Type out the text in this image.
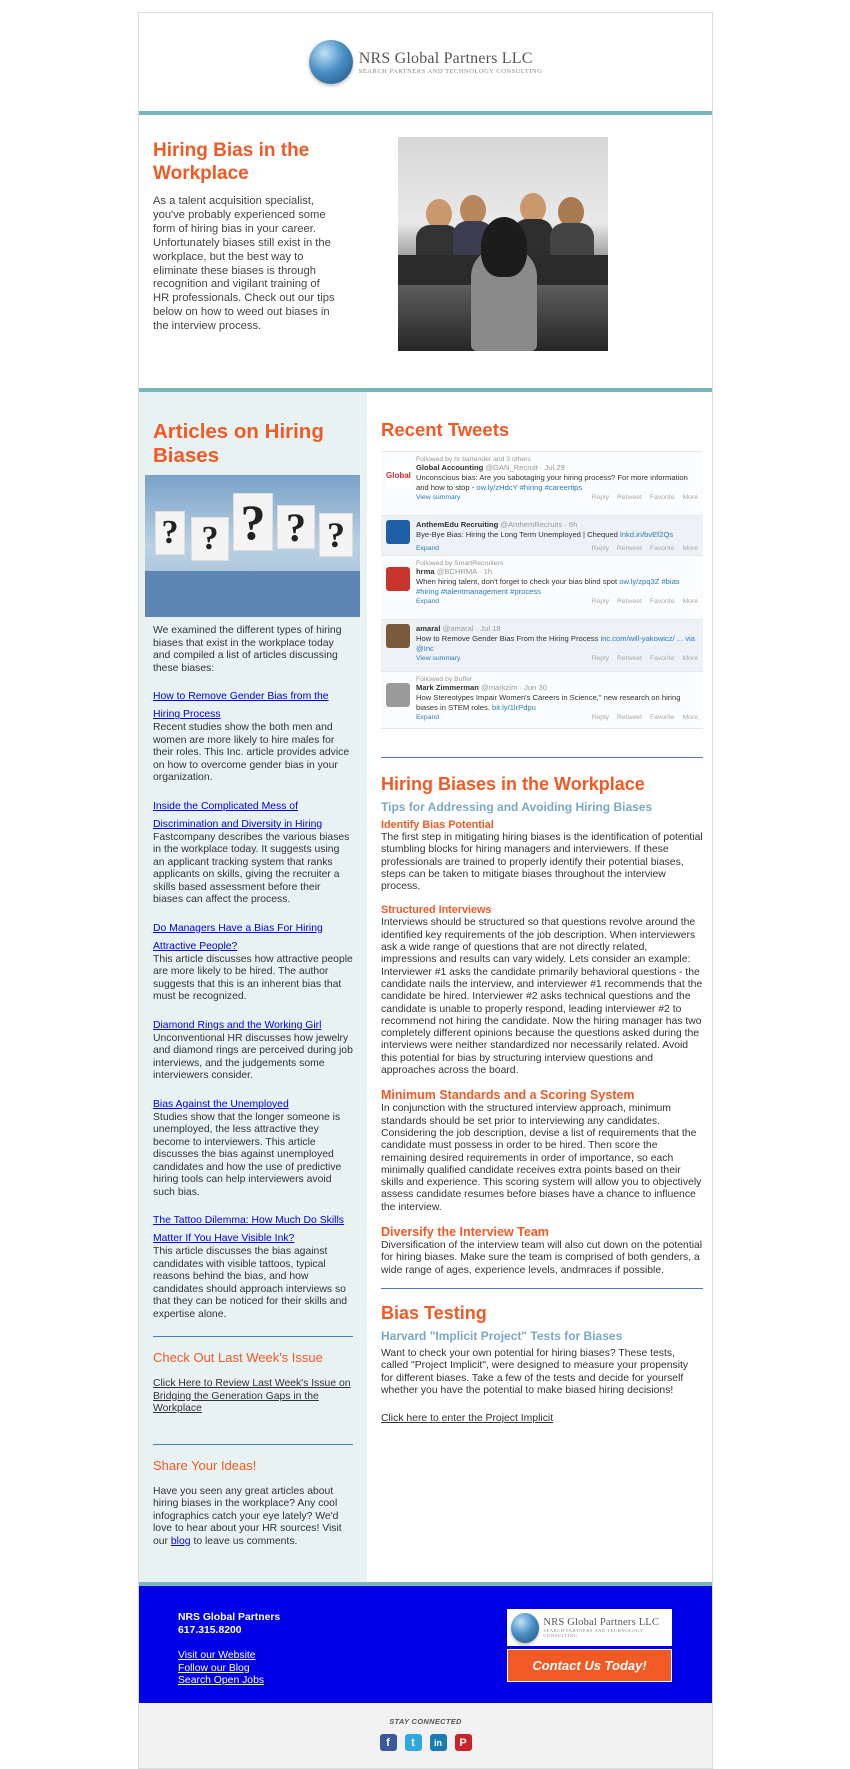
NRS Global Partners LLC
SEARCH PARTNERS AND TECHNOLOGY CONSULTING
Hiring Bias in the Workplace

As a talent acquisition specialist, you've probably experienced some form of hiring bias in your career. Unfortunately biases still exist in the workplace, but the best way to eliminate these biases is through recognition and vigilant training of HR professionals. Check out our tips below on how to weed out biases in the interview process.

Articles on Hiring Biases
? ? ? ? ?

We examined the different types of hiring biases that exist in the workplace today and compiled a list of articles discussing these biases:

How to Remove Gender Bias from the Hiring Process

Recent studies show the both men and women are more likely to hire males for their roles. This Inc. article provides advice on how to overcome gender bias in your organization.

Inside the Complicated Mess of Discrimination and Diversity in Hiring

Fastcompany describes the various biases in the workplace today. It suggests using an applicant tracking system that ranks applicants on skills, giving the recruiter a skills based assessment before their biases can affect the process.

Do Managers Have a Bias For Hiring Attractive People?

This article discusses how attractive people are more likely to be hired. The author suggests that this is an inherent bias that must be recognized.

Diamond Rings and the Working Girl

Unconventional HR discusses how jewelry and diamond rings are perceived during job interviews, and the judgements some interviewers consider.

Bias Against the Unemployed

Studies show that the longer someone is unemployed, the less attractive they become to interviewers. This article discusses the bias against unemployed candidates and how the use of predictive hiring tools can help interviewers avoid such bias.

The Tattoo Dilemma: How Much Do Skills Matter If You Have Visible Ink?

This article discusses the bias against candidates with visible tattoos, typical reasons behind the bias, and how candidates should approach interviews so that they can be noticed for their skills and expertise alone.

Check Out Last Week's Issue
Click Here to Review Last Week's Issue on Bridging the Generation Gaps in the Workplace
Share Your Ideas!

Have you seen any great articles about hiring biases in the workplace? Any cool infographics catch your eye lately? We'd love to hear about your HR sources! Visit our blog to leave us comments.

Recent Tweets
Followed by hr bartender and 3 others
Global
Global Accounting @GAN_Recruit · Jul 29
Unconscious bias: Are you sabotaging your hiring process? For more information and how to stop - ow.ly/zHdcY #hiring #careertips
View summary	Reply Retweet Favorite More
AnthemEdu Recruiting @AnthemRecruits · 6h
Bye-Bye Bias: Hiring the Long Term Unemployed | Chequed lnkd.in/bvEf2Qs
Expand	Reply Retweet Favorite More
Followed by SmartRecruiters
hrma @BCHRMA · 1h
When hiring talent, don't forget to check your bias blind spot ow.ly/zpq3Z #bias #hiring #talentmanagement #process
Expand	Reply Retweet Favorite More
amaral @amaral · Jul 18
How to Remove Gender Bias From the Hiring Process inc.com/will-yakowicz/ ... via @Inc
View summary	Reply Retweet Favorite More
Followed by Buffer
Mark Zimmerman @markzim · Jun 30
How Stereotypes Impair Women's Careers in Science," new research on hiring biases in STEM roles. bit.ly/1lrPdpu
Expand	Reply Retweet Favorite More
Hiring Biases in the Workplace
Tips for Addressing and Avoiding Hiring Biases
Identify Bias Potential

The first step in mitigating hiring biases is the identification of potential stumbling blocks for hiring managers and interviewers. If these professionals are trained to properly identify their potential biases, steps can be taken to mitigate biases throughout the interview process.

Structured Interviews

Interviews should be structured so that questions revolve around the identified key requirements of the job description. When interviewers ask a wide range of questions that are not directly related, impressions and results can vary widely. Lets consider an example: Interviewer #1 asks the candidate primarily behavioral questions - the candidate nails the interview, and interviewer #1 recommends that the candidate be hired. Interviewer #2 asks technical questions and the candidate is unable to properly respond, leading interviewer #2 to recommend not hiring the candidate. Now the hiring manager has two completely different opinions because the questions asked during the interviews were neither standardized nor necessarily related. Avoid this potential for bias by structuring interview questions and approaches across the board.

Minimum Standards and a Scoring System

In conjunction with the structured interview approach, minimum standards should be set prior to interviewing any candidates. Considering the job description, devise a list of requirements that the candidate must possess in order to be hired. Then score the remaining desired requirements in order of importance, so each minimally qualified candidate receives extra points based on their skills and experience. This scoring system will allow you to objectively assess candidate resumes before biases have a chance to influence the interview.

Diversify the Interview Team

Diversification of the interview team will also cut down on the potential for hiring biases. Make sure the team is comprised of both genders, a wide range of ages, experience levels, andmraces if possible.

Bias Testing
Harvard "Implicit Project" Tests for Biases

Want to check your own potential for hiring biases? These tests, called "Project Implicit", were designed to measure your propensity for different biases. Take a few of the tests and decide for yourself whether you have the potential to make biased hiring decisions!

Click here to enter the Project Implicit
NRS Global Partners
617.315.8200
Visit our Website
Follow our Blog
Search Open Jobs
NRS Global Partners LLC
SEARCH PARTNERS AND TECHNOLOGY CONSULTING
Contact Us Today!
STAY CONNECTED
f	t	in	P
